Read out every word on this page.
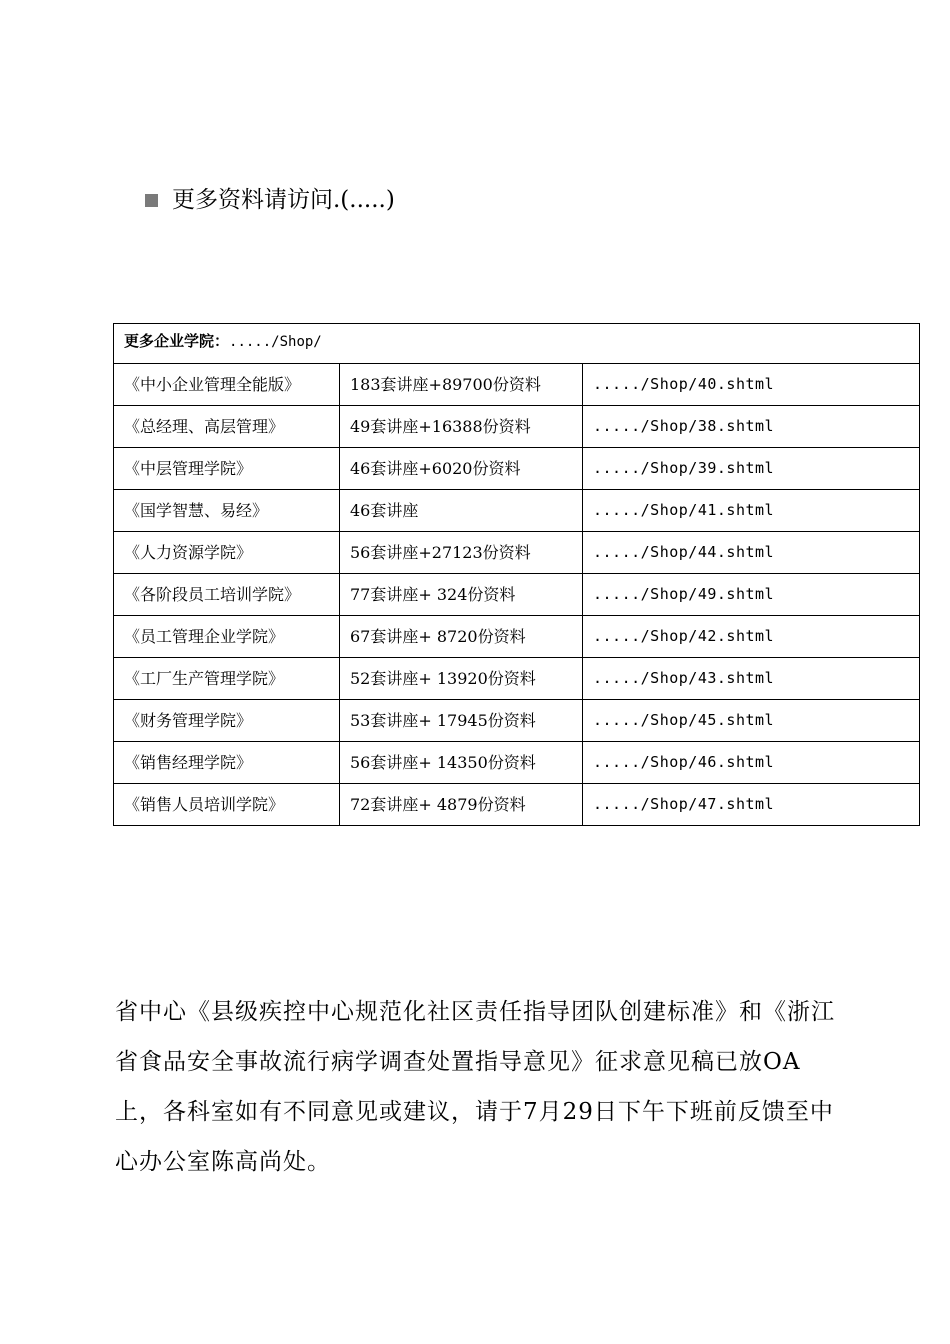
更多资料请访问.(.....)
更多企业学院：...../Shop/		
《中小企业管理全能版》	183套讲座+89700份资料	...../Shop/40.shtml
《总经理、高层管理》	49套讲座+16388份资料	...../Shop/38.shtml
《中层管理学院》	46套讲座+6020份资料	...../Shop/39.shtml
《国学智慧、易经》	46套讲座	...../Shop/41.shtml
《人力资源学院》	56套讲座+27123份资料	...../Shop/44.shtml
《各阶段员工培训学院》	77套讲座+ 324份资料	...../Shop/49.shtml
《员工管理企业学院》	67套讲座+ 8720份资料	...../Shop/42.shtml
《工厂生产管理学院》	52套讲座+ 13920份资料	...../Shop/43.shtml
《财务管理学院》	53套讲座+ 17945份资料	...../Shop/45.shtml
《销售经理学院》	56套讲座+ 14350份资料	...../Shop/46.shtml
《销售人员培训学院》	72套讲座+ 4879份资料	...../Shop/47.shtml

省中心《县级疾控中心规范化社区责任指导团队创建标准》和《浙江省食品安全事故流行病学调查处置指导意见》征求意见稿已放OA上，各科室如有不同意见或建议，请于7月29日下午下班前反馈至中心办公室陈高尚处。
